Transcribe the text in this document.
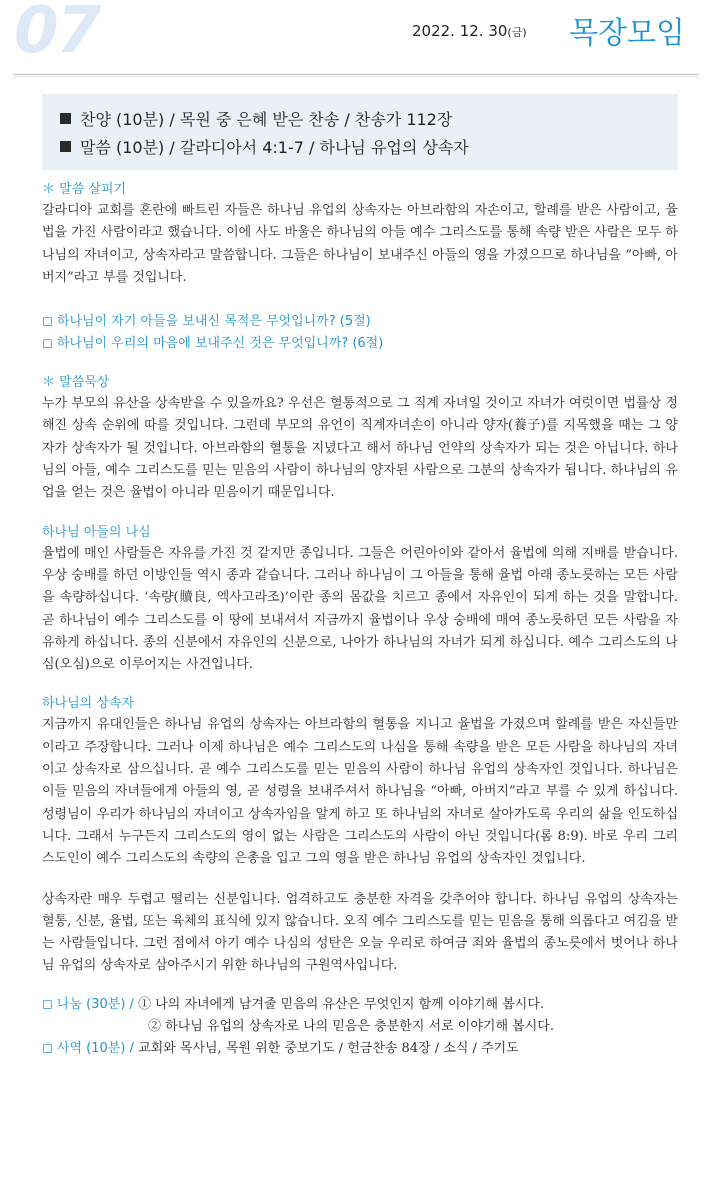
07	2022. 12. 30(금) 목장모임
찬양 (10분) / 목원 중 은혜 받은 찬송 / 찬송가 112장
말씀 (10분) / 갈라디아서 4:1-7 / 하나님 유업의 상속자

＊ 말씀 살피기

갈라디아 교회를 혼란에 빠트린 자들은 하나님 유업의 상속자는 아브라함의 자손이고, 할례를 받은 사람이고, 율법을 가진 사람이라고 했습니다. 이에 사도 바울은 하나님의 아들 예수 그리스도를 통해 속량 받은 사람은 모두 하나님의 자녀이고, 상속자라고 말씀합니다. 그들은 하나님이 보내주신 아들의 영을 가졌으므로 하나님을 “아빠, 아버지”라고 부를 것입니다.

◻ 하나님이 자기 아들을 보내신 목적은 무엇입니까? (5절)

◻ 하나님이 우리의 마음에 보내주신 것은 무엇입니까? (6절)

＊ 말씀묵상

누가 부모의 유산을 상속받을 수 있을까요? 우선은 혈통적으로 그 직계 자녀일 것이고 자녀가 여럿이면 법률상 정해진 상속 순위에 따를 것입니다. 그런데 부모의 유언이 직계자녀손이 아니라 양자(養子)를 지목했을 때는 그 양자가 상속자가 될 것입니다. 아브라함의 혈통을 지녔다고 해서 하나님 언약의 상속자가 되는 것은 아닙니다. 하나님의 아들, 예수 그리스도를 믿는 믿음의 사람이 하나님의 양자된 사람으로 그분의 상속자가 됩니다. 하나님의 유업을 얻는 것은 율법이 아니라 믿음이기 때문입니다.

하나님 아들의 나심

율법에 매인 사람들은 자유를 가진 것 같지만 종입니다. 그들은 어린아이와 같아서 율법에 의해 지배를 받습니다. 우상 숭배를 하던 이방인들 역시 종과 같습니다. 그러나 하나님이 그 아들을 통해 율법 아래 종노릇하는 모든 사람을 속량하십니다. ‘속량(贖良, 엑사고라조)’이란 종의 몸값을 치르고 종에서 자유인이 되게 하는 것을 말합니다. 곧 하나님이 예수 그리스도를 이 땅에 보내셔서 지금까지 율법이나 우상 숭배에 매여 종노릇하던 모든 사람을 자유하게 하십니다. 종의 신분에서 자유인의 신분으로, 나아가 하나님의 자녀가 되게 하십니다. 예수 그리스도의 나심(오심)으로 이루어지는 사건입니다.

하나님의 상속자

지금까지 유대인들은 하나님 유업의 상속자는 아브라함의 혈통을 지니고 율법을 가졌으며 할례를 받은 자신들만이라고 주장합니다. 그러나 이제 하나님은 예수 그리스도의 나심을 통해 속량을 받은 모든 사람을 하나님의 자녀이고 상속자로 삼으십니다. 곧 예수 그리스도를 믿는 믿음의 사람이 하나님 유업의 상속자인 것입니다. 하나님은 이들 믿음의 자녀들에게 아들의 영, 곧 성령을 보내주셔서 하나님을 “아빠, 아버지”라고 부를 수 있게 하십니다. 성령님이 우리가 하나님의 자녀이고 상속자임을 알게 하고 또 하나님의 자녀로 살아가도록 우리의 삶을 인도하십니다. 그래서 누구든지 그리스도의 영이 없는 사람은 그리스도의 사람이 아닌 것입니다(롬 8:9). 바로 우리 그리스도인이 예수 그리스도의 속량의 은총을 입고 그의 영을 받은 하나님 유업의 상속자인 것입니다.

상속자란 매우 두렵고 떨리는 신분입니다. 엄격하고도 충분한 자격을 갖추어야 합니다. 하나님 유업의 상속자는 혈통, 신분, 율법, 또는 육체의 표식에 있지 않습니다. 오직 예수 그리스도를 믿는 믿음을 통해 의롭다고 여김을 받는 사람들입니다. 그런 점에서 아기 예수 나심의 성탄은 오늘 우리로 하여금 죄와 율법의 종노릇에서 벗어나 하나님 유업의 상속자로 삼아주시기 위한 하나님의 구원역사입니다.

◻ 나눔 (30분) / ① 나의 자녀에게 남겨줄 믿음의 유산은 무엇인지 함께 이야기해 봅시다.
② 하나님 유업의 상속자로 나의 믿음은 충분한지 서로 이야기해 봅시다.
◻ 사역 (10분) / 교회와 목사님, 목원 위한 중보기도 / 헌금찬송 84장 / 소식 / 주기도
